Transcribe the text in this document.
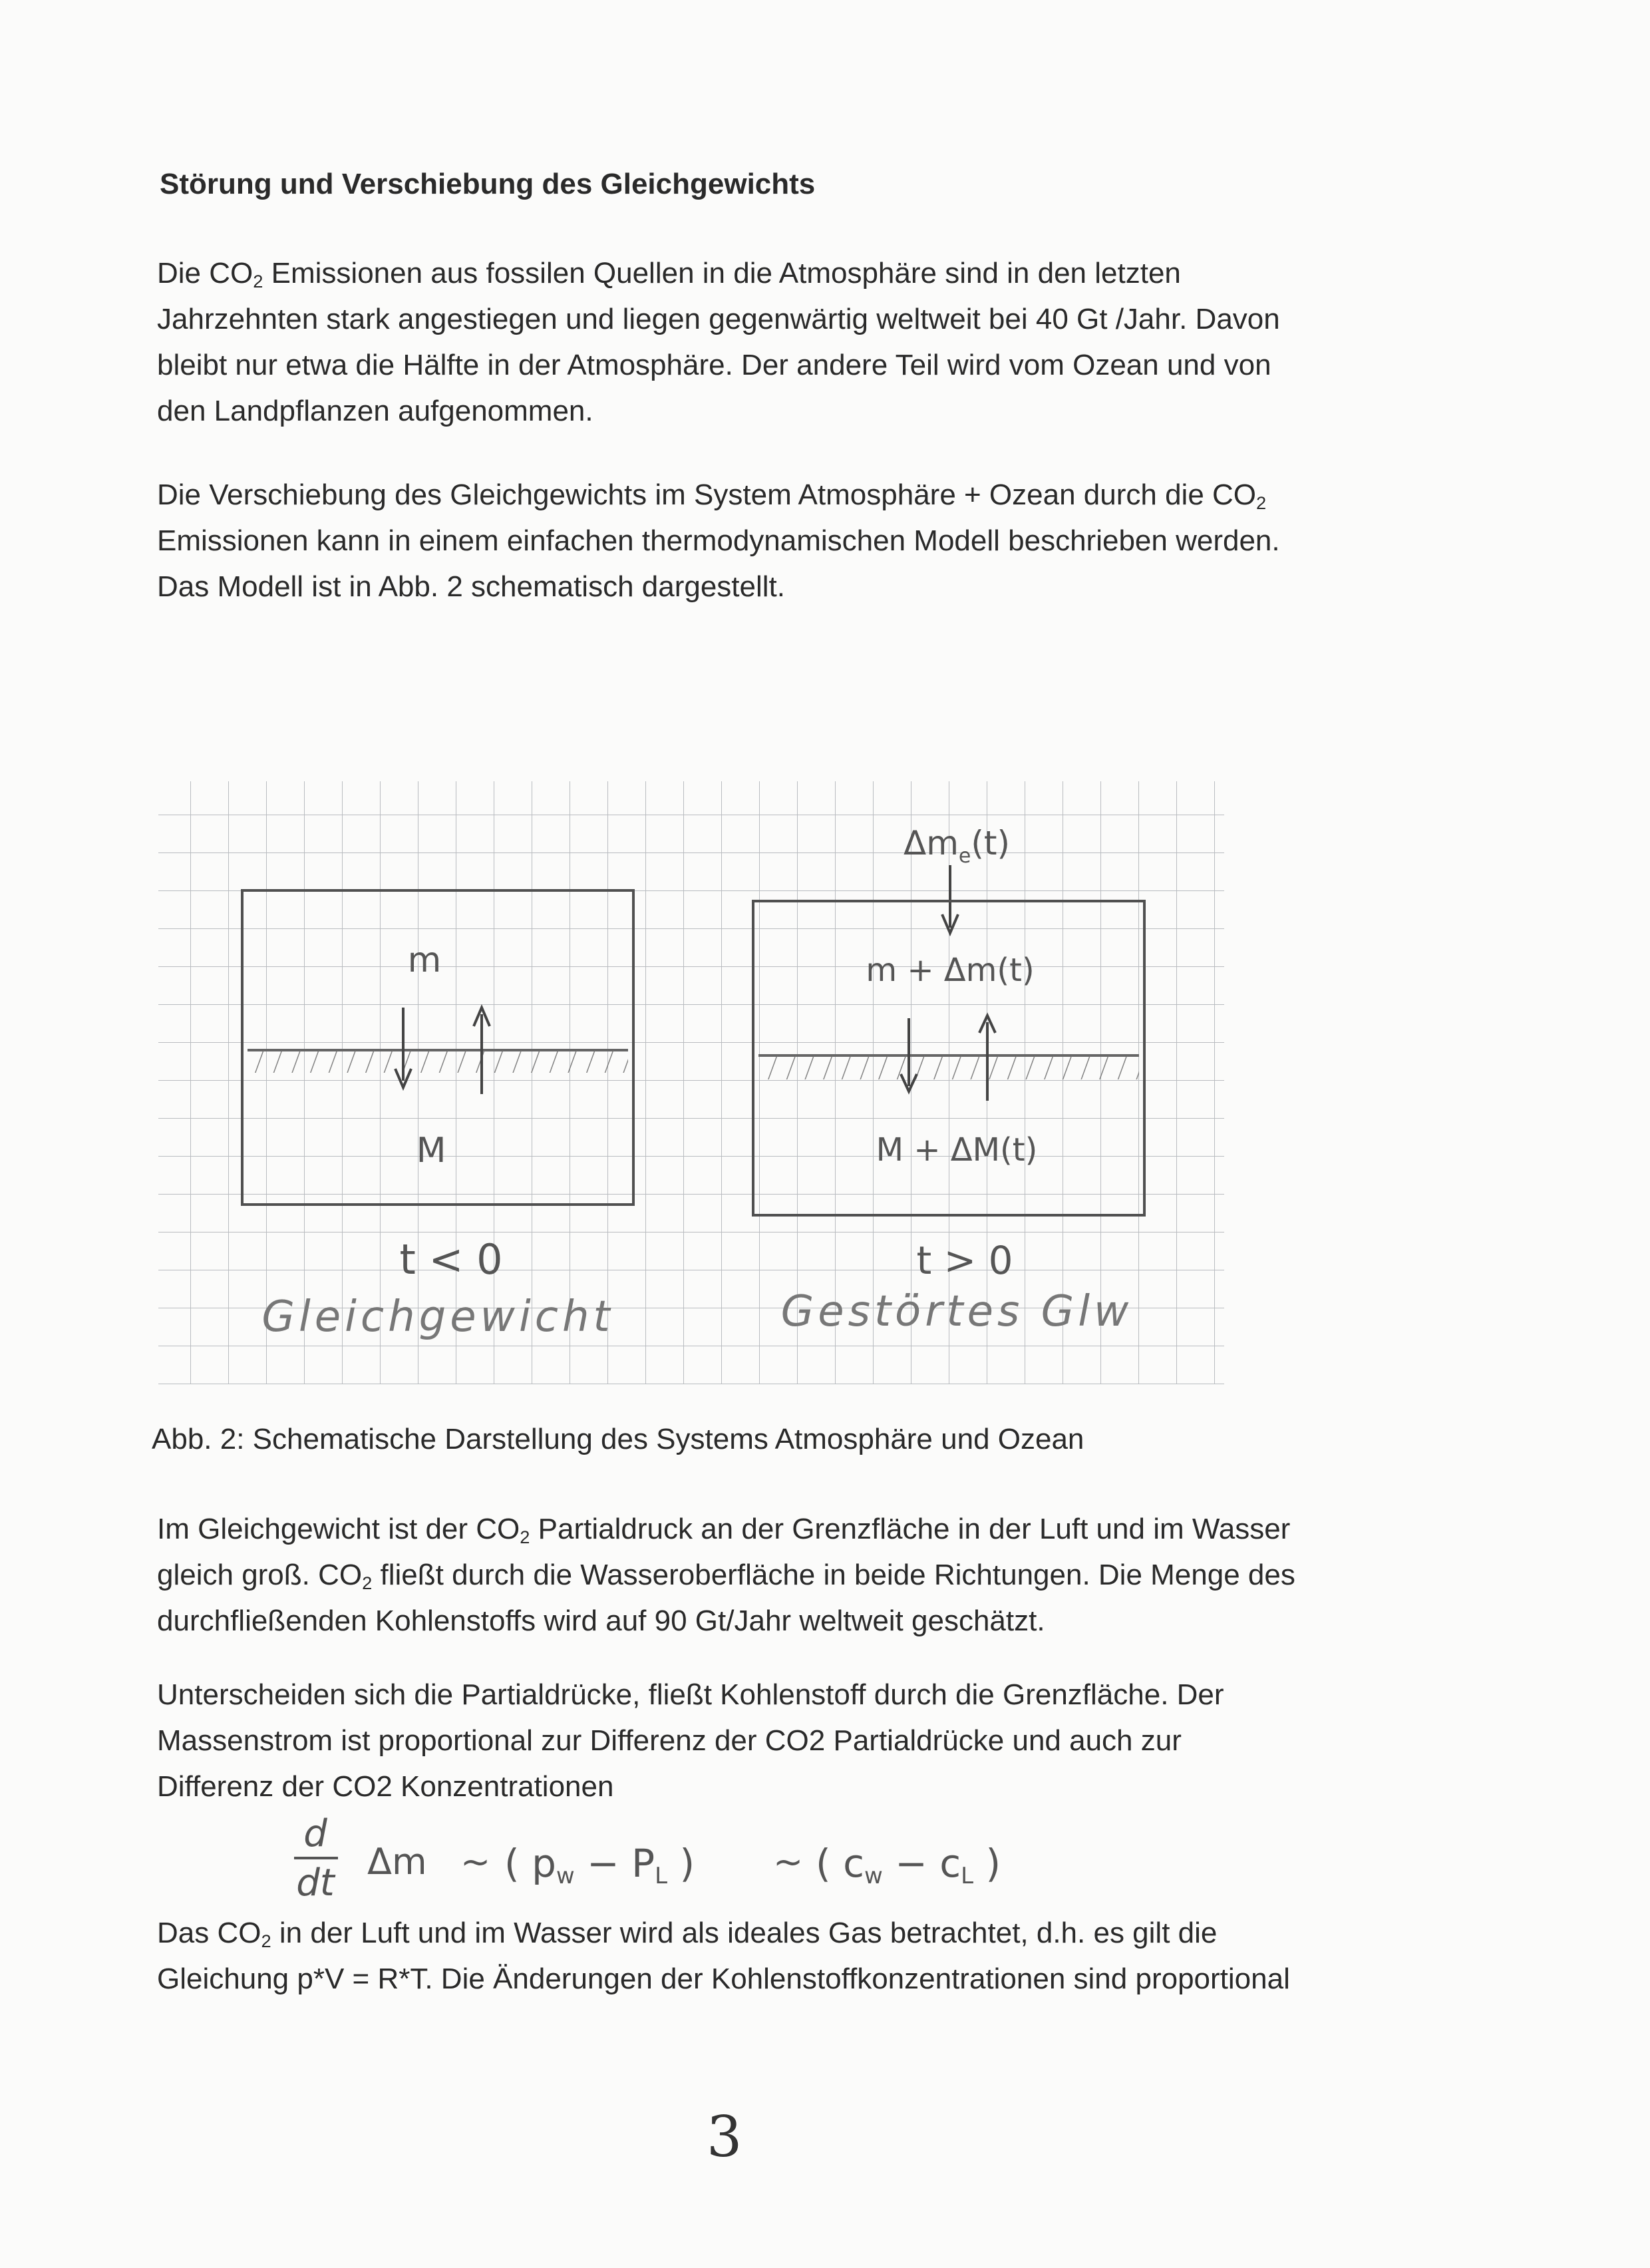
Störung und Verschiebung des Gleichgewichts

Die $CO_2$ Emissionen aus fossilen Quellen in die Atmosphäre sind in den letzten
Jahrzehnten stark angestiegen und liegen gegenwärtig weltweit bei 40 Gt /Jahr. Davon
bleibt nur etwa die Hälfte in der Atmosphäre. Der andere Teil wird vom Ozean und von
den Landpflanzen aufgenommen.

Die Verschiebung des Gleichgewichts im System Atmosphäre + Ozean durch die $CO_2$
Emissionen kann in einem einfachen thermodynamischen Modell beschrieben werden.
Das Modell ist in Abb. 2 schematisch dargestellt.

m
M
t < 0
Gleichgewicht
$\Delta m_e(t)$
m + Δm(t)
M + ΔM(t)
t > 0
Gestörtes Glw

Abb. 2: Schematische Darstellung des Systems Atmosphäre und Ozean

Im Gleichgewicht ist der $CO_2$ Partialdruck an der Grenzfläche in der Luft und im Wasser
gleich groß. $CO_2$ fließt durch die Wasseroberfläche in beide Richtungen. Die Menge des
durchfließenden Kohlenstoffs wird auf 90 Gt/Jahr weltweit geschätzt.

Unterscheiden sich die Partialdrücke, fließt Kohlenstoff durch die Grenzfläche. Der
Massenstrom ist proportional zur Differenz der CO2 Partialdrücke und auch zur
Differenz der CO2 Konzentrationen

d
dt Δm ~ ( pw − PL ) ~ ( cw − cL )

Das $CO_2$ in der Luft und im Wasser wird als ideales Gas betrachtet, d.h. es gilt die
Gleichung p*V = R*T. Die Änderungen der Kohlenstoffkonzentrationen sind proportional

3
